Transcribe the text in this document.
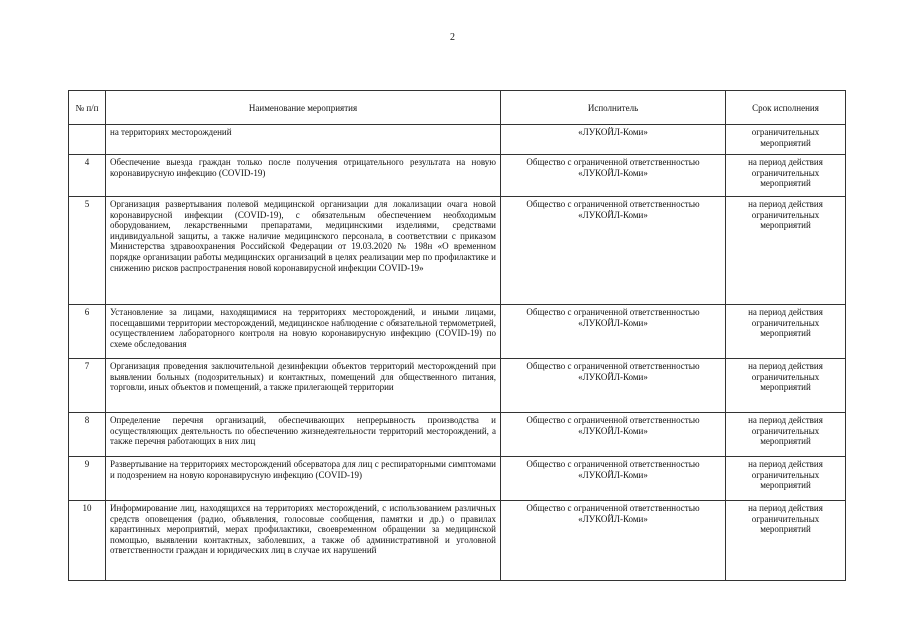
2
№ п/п	Наименование мероприятия	Исполнитель	Срок исполнения
	на территориях месторождений	«ЛУКОЙЛ-Коми»	ограничительных мероприятий
4	Обеспечение выезда граждан только после получения отрицательного результата на новую коронавирусную инфекцию (COVID-19)	Общество с ограниченной ответственностью «ЛУКОЙЛ-Коми»	на период действия ограничительных мероприятий
5	Организация развертывания полевой медицинской организации для локализации очага новой коронавирусной инфекции (COVID-19), с обязательным обеспечением необходимым оборудованием, лекарственными препаратами, медицинскими изделиями, средствами индивидуальной защиты, а также наличие медицинского персонала, в соответствии с приказом Министерства здравоохранения Российской Федерации от 19.03.2020 № 198н «О временном порядке организации работы медицинских организаций в целях реализации мер по профилактике и снижению рисков распространения новой коронавирусной инфекции COVID-19»	Общество с ограниченной ответственностью «ЛУКОЙЛ-Коми»	на период действия ограничительных мероприятий
6	Установление за лицами, находящимися на территориях месторождений, и иными лицами, посещавшими территории месторождений, медицинское наблюдение с обязательной термометрией, осуществлением лабораторного контроля на новую коронавирусную инфекцию (COVID-19) по схеме обследования	Общество с ограниченной ответственностью «ЛУКОЙЛ-Коми»	на период действия ограничительных мероприятий
7	Организация проведения заключительной дезинфекции объектов территорий месторождений при выявлении больных (подозрительных) и контактных, помещений для общественного питания, торговли, иных объектов и помещений, а также прилегающей территории	Общество с ограниченной ответственностью «ЛУКОЙЛ-Коми»	на период действия ограничительных мероприятий
8	Определение перечня организаций, обеспечивающих непрерывность производства и осуществляющих деятельность по обеспечению жизнедеятельности территорий месторождений, а также перечня работающих в них лиц	Общество с ограниченной ответственностью «ЛУКОЙЛ-Коми»	на период действия ограничительных мероприятий
9	Развертывание на территориях месторождений обсерватора для лиц с респираторными симптомами и подозрением на новую коронавирусную инфекцию (COVID-19)	Общество с ограниченной ответственностью «ЛУКОЙЛ-Коми»	на период действия ограничительных мероприятий
10	Информирование лиц, находящихся на территориях месторождений, с использованием различных средств оповещения (радио, объявления, голосовые сообщения, памятки и др.) о правилах карантинных мероприятий, мерах профилактики, своевременном обращении за медицинской помощью, выявлении контактных, заболевших, а также об административной и уголовной ответственности граждан и юридических лиц в случае их нарушений	Общество с ограниченной ответственностью «ЛУКОЙЛ-Коми»	на период действия ограничительных мероприятий
